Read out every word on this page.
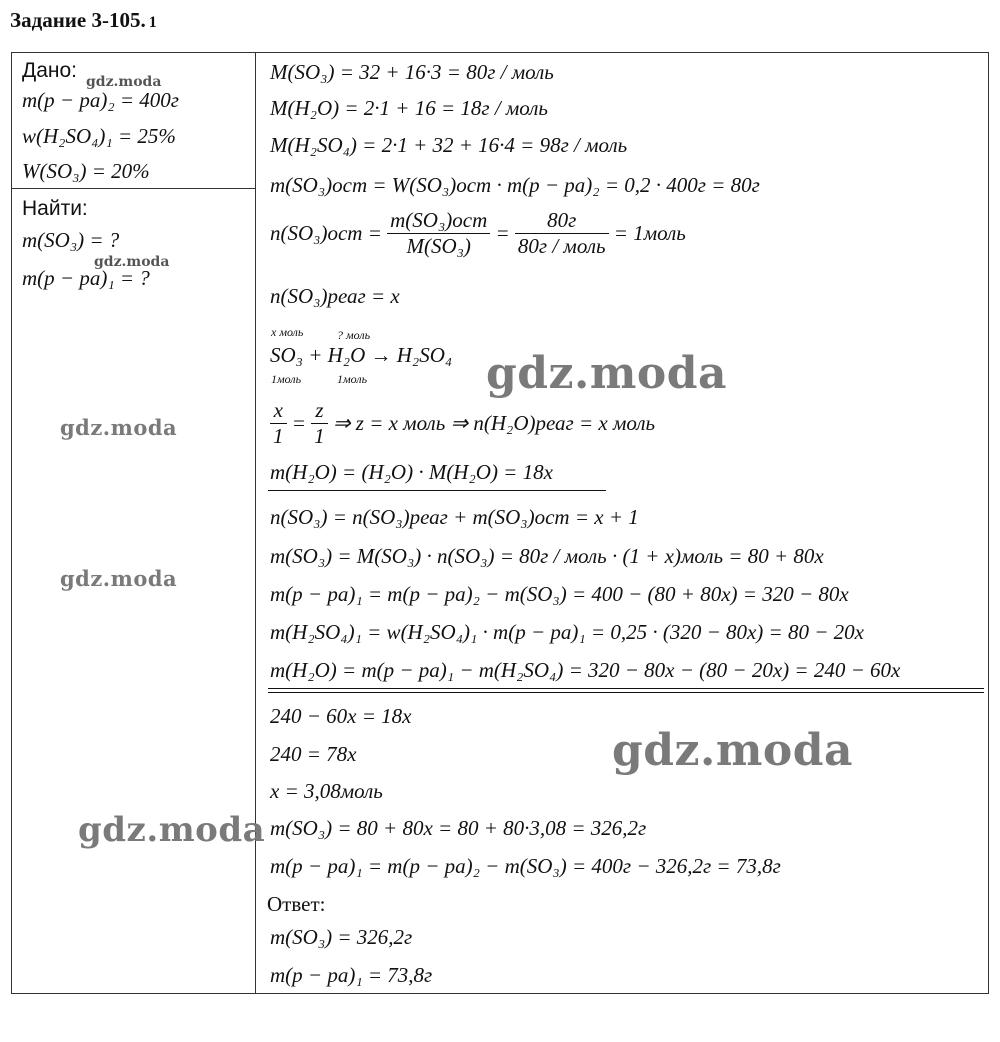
Задание 3-105. 1
Дано:
m(p − pa)₂ = 400г
w(H₂SO₄)₁ = 25%
W(SO₃) = 20%
Найти:
m(SO₃) = ?
m(p − pa)₁ = ?
M(SO₃) = 32 + 16·3 = 80г / моль
M(H₂O) = 2·1 + 16 = 18г / моль
M(H₂SO₄) = 2·1 + 32 + 16·4 = 98г / моль
m(SO₃)ост = W(SO₃)ост · m(p − pa)₂ = 0,2 · 400г = 80г
$n(SO_3)ост = \frac{\text{m(SO₃)ост}}{\text{M(SO₃)}} = \frac{80г}{\text{80г / моль}}$ = 1моль
n(SO₃)реаг = x
x моль	? моль
SO₃ + H₂O → H₂SO₄
1моль	1моль
$\frac{x}{1} = \frac{z}{1}$ ⇒ z = x моль ⇒ n(H₂O)реаг = x моль
m(H₂O) = (H₂O) · M(H₂O) = 18x
n(SO₃) = n(SO₃)реаг + m(SO₃)ост = x + 1
m(SO₃) = M(SO₃) · n(SO₃) = 80г / моль · (1 + x)моль = 80 + 80x
m(p − pa)₁ = m(p − pa)₂ − m(SO₃) = 400 − (80 + 80x) = 320 − 80x
m(H₂SO₄)₁ = w(H₂SO₄)₁ · m(p − pa)₁ = 0,25 · (320 − 80x) = 80 − 20x
m(H₂O) = m(p − pa)₁ − m(H₂SO₄) = 320 − 80x − (80 − 20x) = 240 − 60x
240 − 60x = 18x
240 = 78x
x = 3,08моль
m(SO₃) = 80 + 80x = 80 + 80·3,08 = 326,2г
m(p − pa)₁ = m(p − pa)₂ − m(SO₃) = 400г − 326,2г = 73,8г
Ответ:
m(SO₃) = 326,2г
m(p − pa)₁ = 73,8г
gdz.moda
gdz.moda
gdz.moda
gdz.moda
gdz.moda
gdz.moda
gdz.moda
